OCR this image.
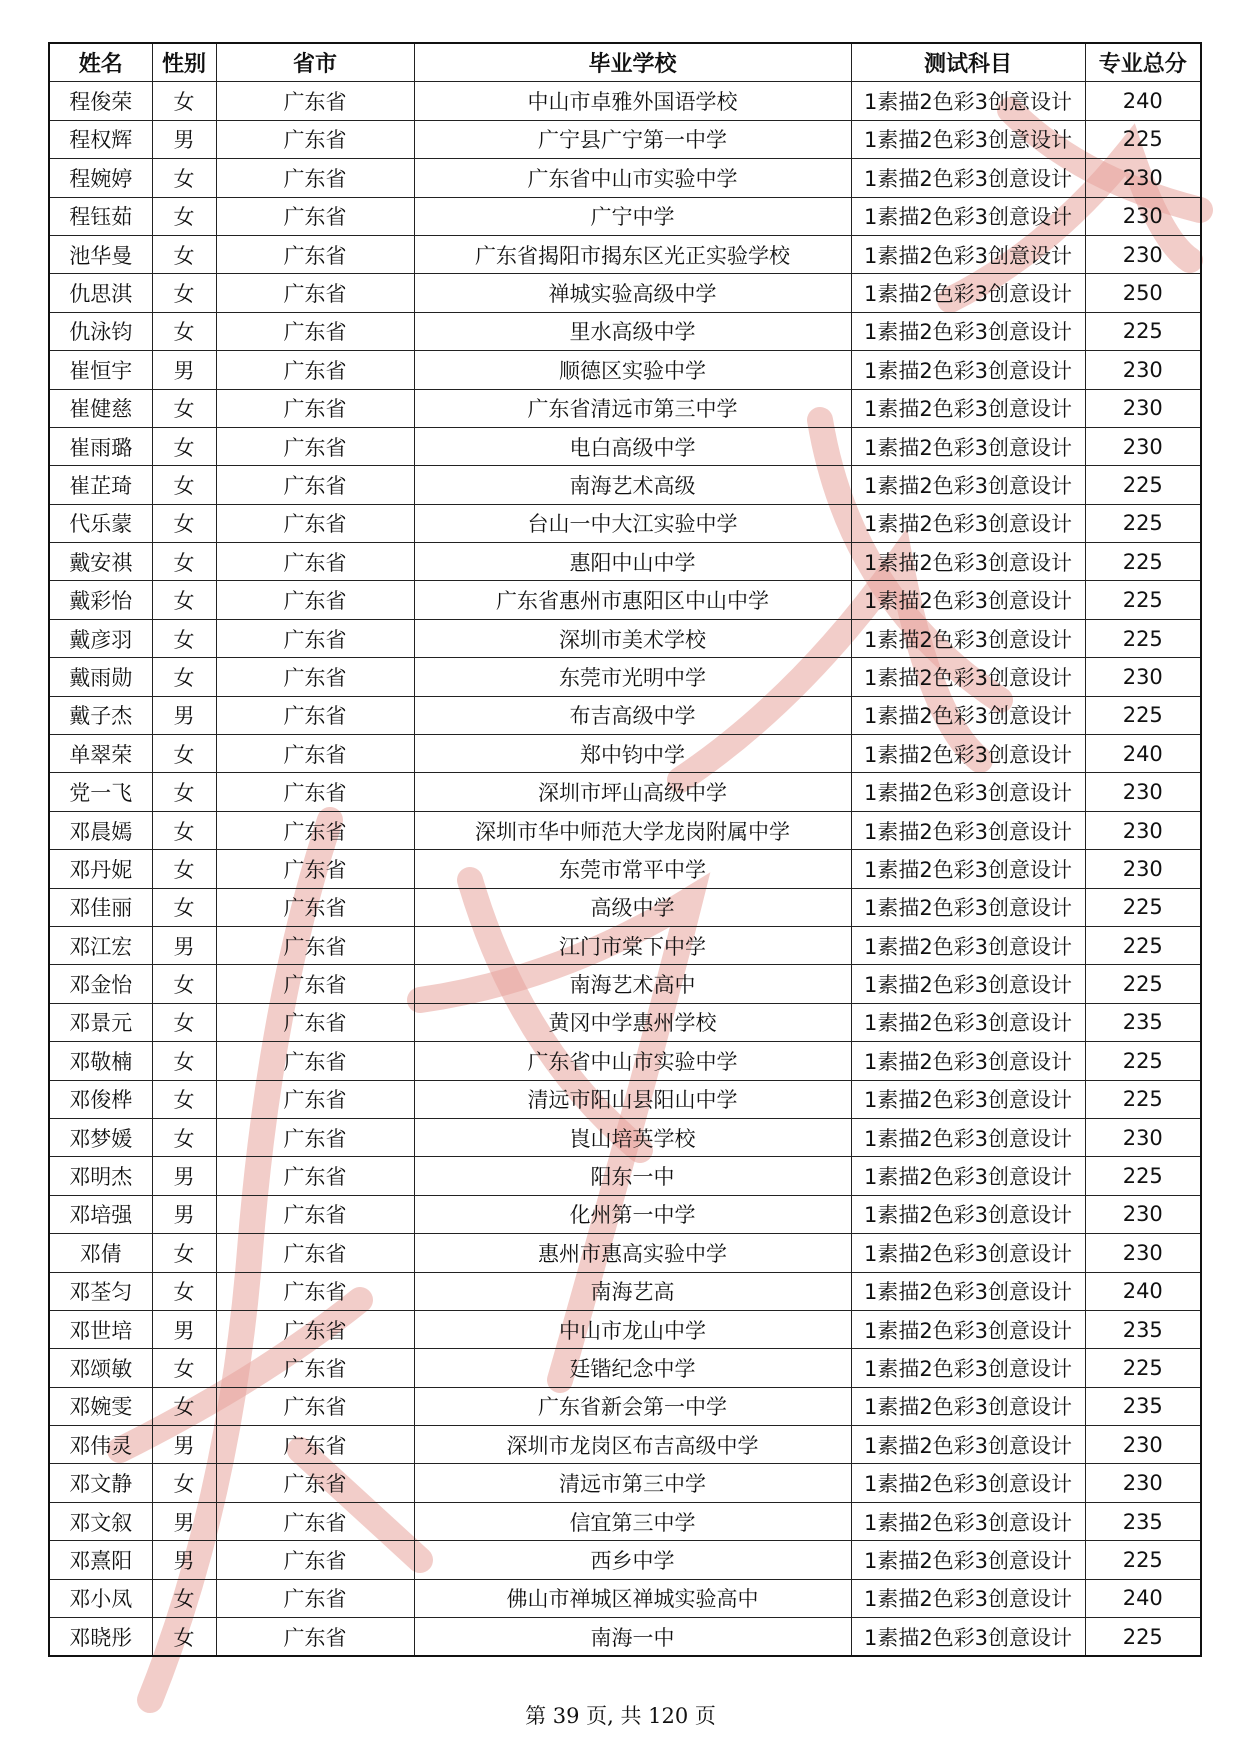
姓名	性别	省市	毕业学校	测试科目	专业总分
程俊荣	女	广东省	中山市卓雅外国语学校	1素描2色彩3创意设计	240
程权辉	男	广东省	广宁县广宁第一中学	1素描2色彩3创意设计	225
程婉婷	女	广东省	广东省中山市实验中学	1素描2色彩3创意设计	230
程钰茹	女	广东省	广宁中学	1素描2色彩3创意设计	230
池华曼	女	广东省	广东省揭阳市揭东区光正实验学校	1素描2色彩3创意设计	230
仇思淇	女	广东省	禅城实验高级中学	1素描2色彩3创意设计	250
仇泳钧	女	广东省	里水高级中学	1素描2色彩3创意设计	225
崔恒宇	男	广东省	顺德区实验中学	1素描2色彩3创意设计	230
崔健慈	女	广东省	广东省清远市第三中学	1素描2色彩3创意设计	230
崔雨璐	女	广东省	电白高级中学	1素描2色彩3创意设计	230
崔芷琦	女	广东省	南海艺术高级	1素描2色彩3创意设计	225
代乐蒙	女	广东省	台山一中大江实验中学	1素描2色彩3创意设计	225
戴安祺	女	广东省	惠阳中山中学	1素描2色彩3创意设计	225
戴彩怡	女	广东省	广东省惠州市惠阳区中山中学	1素描2色彩3创意设计	225
戴彦羽	女	广东省	深圳市美术学校	1素描2色彩3创意设计	225
戴雨勋	女	广东省	东莞市光明中学	1素描2色彩3创意设计	230
戴子杰	男	广东省	布吉高级中学	1素描2色彩3创意设计	225
单翠荣	女	广东省	郑中钧中学	1素描2色彩3创意设计	240
党一飞	女	广东省	深圳市坪山高级中学	1素描2色彩3创意设计	230
邓晨嫣	女	广东省	深圳市华中师范大学龙岗附属中学	1素描2色彩3创意设计	230
邓丹妮	女	广东省	东莞市常平中学	1素描2色彩3创意设计	230
邓佳丽	女	广东省	高级中学	1素描2色彩3创意设计	225
邓江宏	男	广东省	江门市棠下中学	1素描2色彩3创意设计	225
邓金怡	女	广东省	南海艺术高中	1素描2色彩3创意设计	225
邓景元	女	广东省	黄冈中学惠州学校	1素描2色彩3创意设计	235
邓敬楠	女	广东省	广东省中山市实验中学	1素描2色彩3创意设计	225
邓俊桦	女	广东省	清远市阳山县阳山中学	1素描2色彩3创意设计	225
邓梦媛	女	广东省	崀山培英学校	1素描2色彩3创意设计	230
邓明杰	男	广东省	阳东一中	1素描2色彩3创意设计	225
邓培强	男	广东省	化州第一中学	1素描2色彩3创意设计	230
邓倩	女	广东省	惠州市惠高实验中学	1素描2色彩3创意设计	230
邓荃匀	女	广东省	南海艺高	1素描2色彩3创意设计	240
邓世培	男	广东省	中山市龙山中学	1素描2色彩3创意设计	235
邓颂敏	女	广东省	廷锴纪念中学	1素描2色彩3创意设计	225
邓婉雯	女	广东省	广东省新会第一中学	1素描2色彩3创意设计	235
邓伟灵	男	广东省	深圳市龙岗区布吉高级中学	1素描2色彩3创意设计	230
邓文静	女	广东省	清远市第三中学	1素描2色彩3创意设计	230
邓文叙	男	广东省	信宜第三中学	1素描2色彩3创意设计	235
邓熹阳	男	广东省	西乡中学	1素描2色彩3创意设计	225
邓小凤	女	广东省	佛山市禅城区禅城实验高中	1素描2色彩3创意设计	240
邓晓彤	女	广东省	南海一中	1素描2色彩3创意设计	225
第 39 页, 共 120 页
